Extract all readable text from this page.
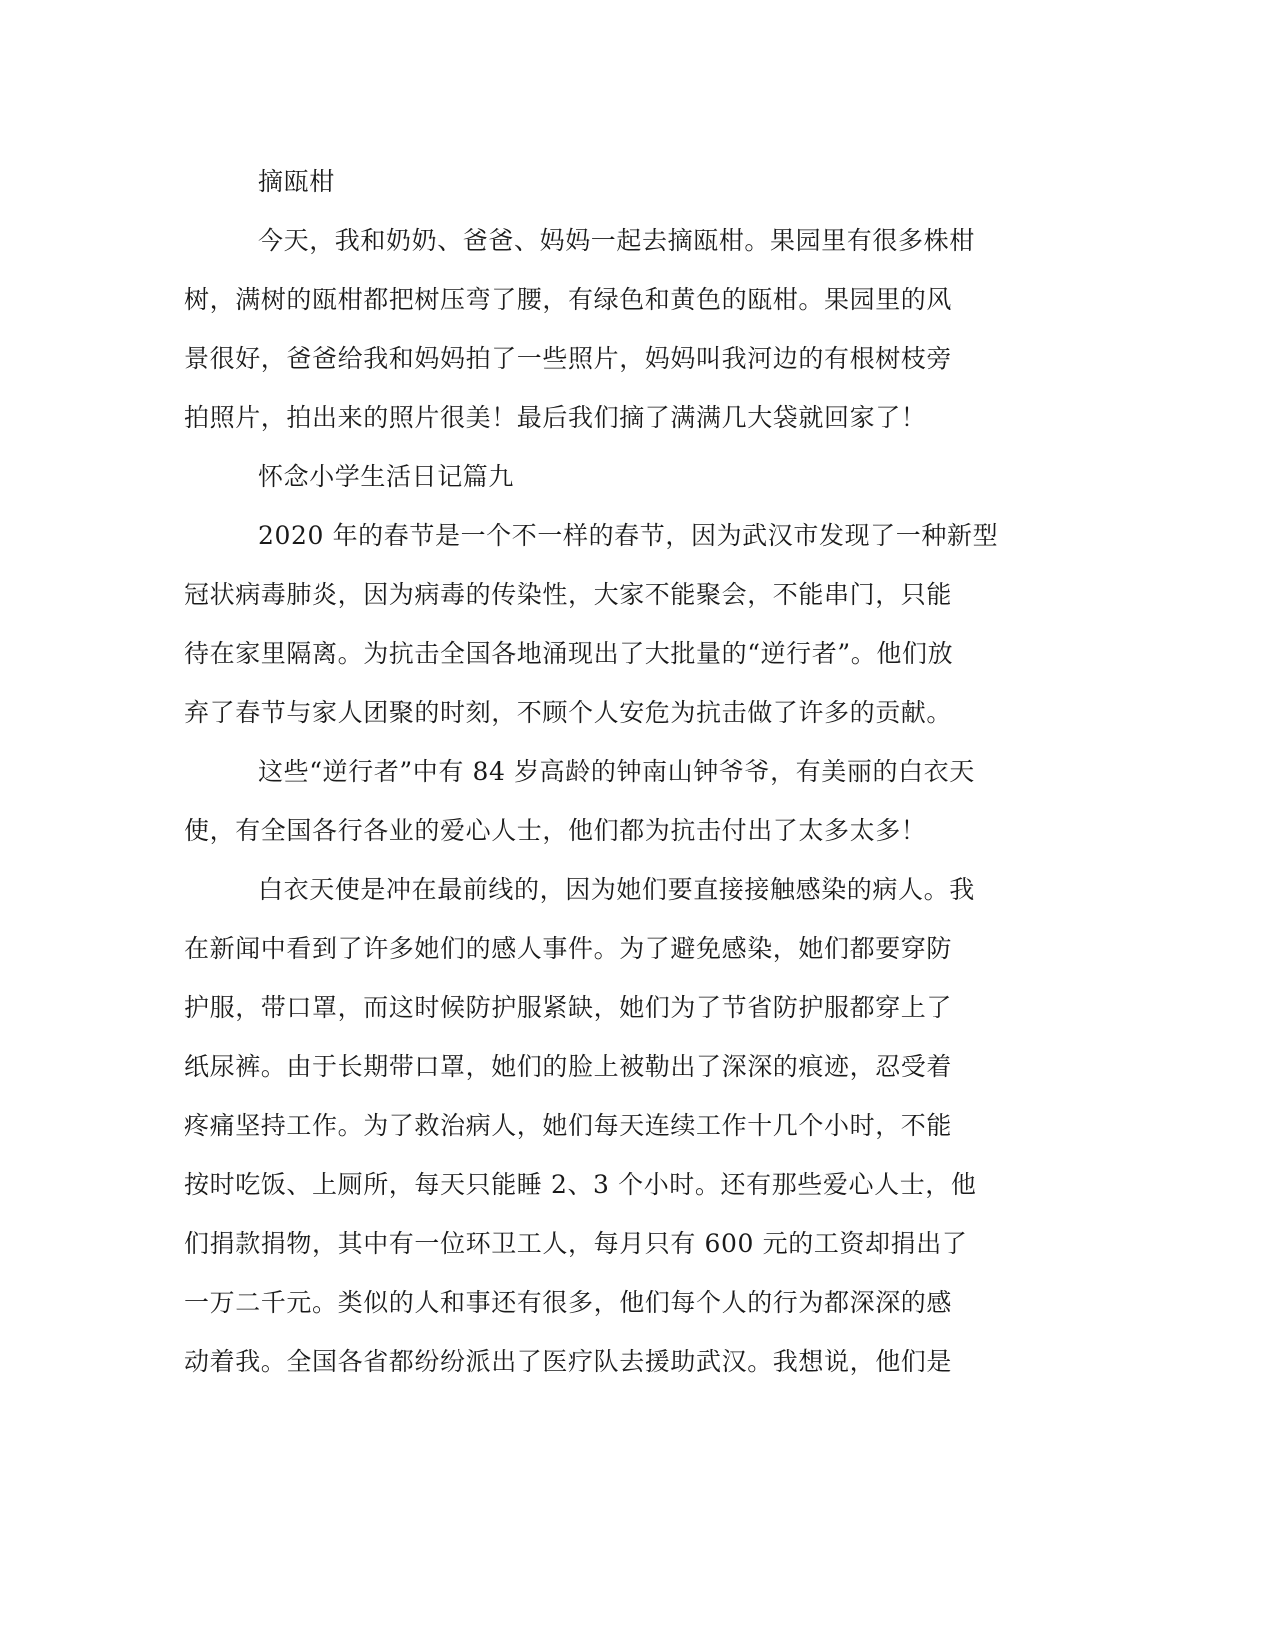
摘瓯柑
今天，我和奶奶、爸爸、妈妈一起去摘瓯柑。果园里有很多株柑
树，满树的瓯柑都把树压弯了腰，有绿色和黄色的瓯柑。果园里的风
景很好，爸爸给我和妈妈拍了一些照片，妈妈叫我河边的有根树枝旁
拍照片，拍出来的照片很美！最后我们摘了满满几大袋就回家了！
怀念小学生活日记篇九
2020 年的春节是一个不一样的春节，因为武汉市发现了一种新型
冠状病毒肺炎，因为病毒的传染性，大家不能聚会，不能串门，只能
待在家里隔离。为抗击全国各地涌现出了大批量的“逆行者”。他们放
弃了春节与家人团聚的时刻，不顾个人安危为抗击做了许多的贡献。
这些“逆行者”中有 84 岁高龄的钟南山钟爷爷，有美丽的白衣天
使，有全国各行各业的爱心人士，他们都为抗击付出了太多太多！
白衣天使是冲在最前线的，因为她们要直接接触感染的病人。我
在新闻中看到了许多她们的感人事件。为了避免感染，她们都要穿防
护服，带口罩，而这时候防护服紧缺，她们为了节省防护服都穿上了
纸尿裤。由于长期带口罩，她们的脸上被勒出了深深的痕迹，忍受着
疼痛坚持工作。为了救治病人，她们每天连续工作十几个小时，不能
按时吃饭、上厕所，每天只能睡 2、3 个小时。还有那些爱心人士，他
们捐款捐物，其中有一位环卫工人，每月只有 600 元的工资却捐出了
一万二千元。类似的人和事还有很多，他们每个人的行为都深深的感
动着我。全国各省都纷纷派出了医疗队去援助武汉。我想说，他们是
